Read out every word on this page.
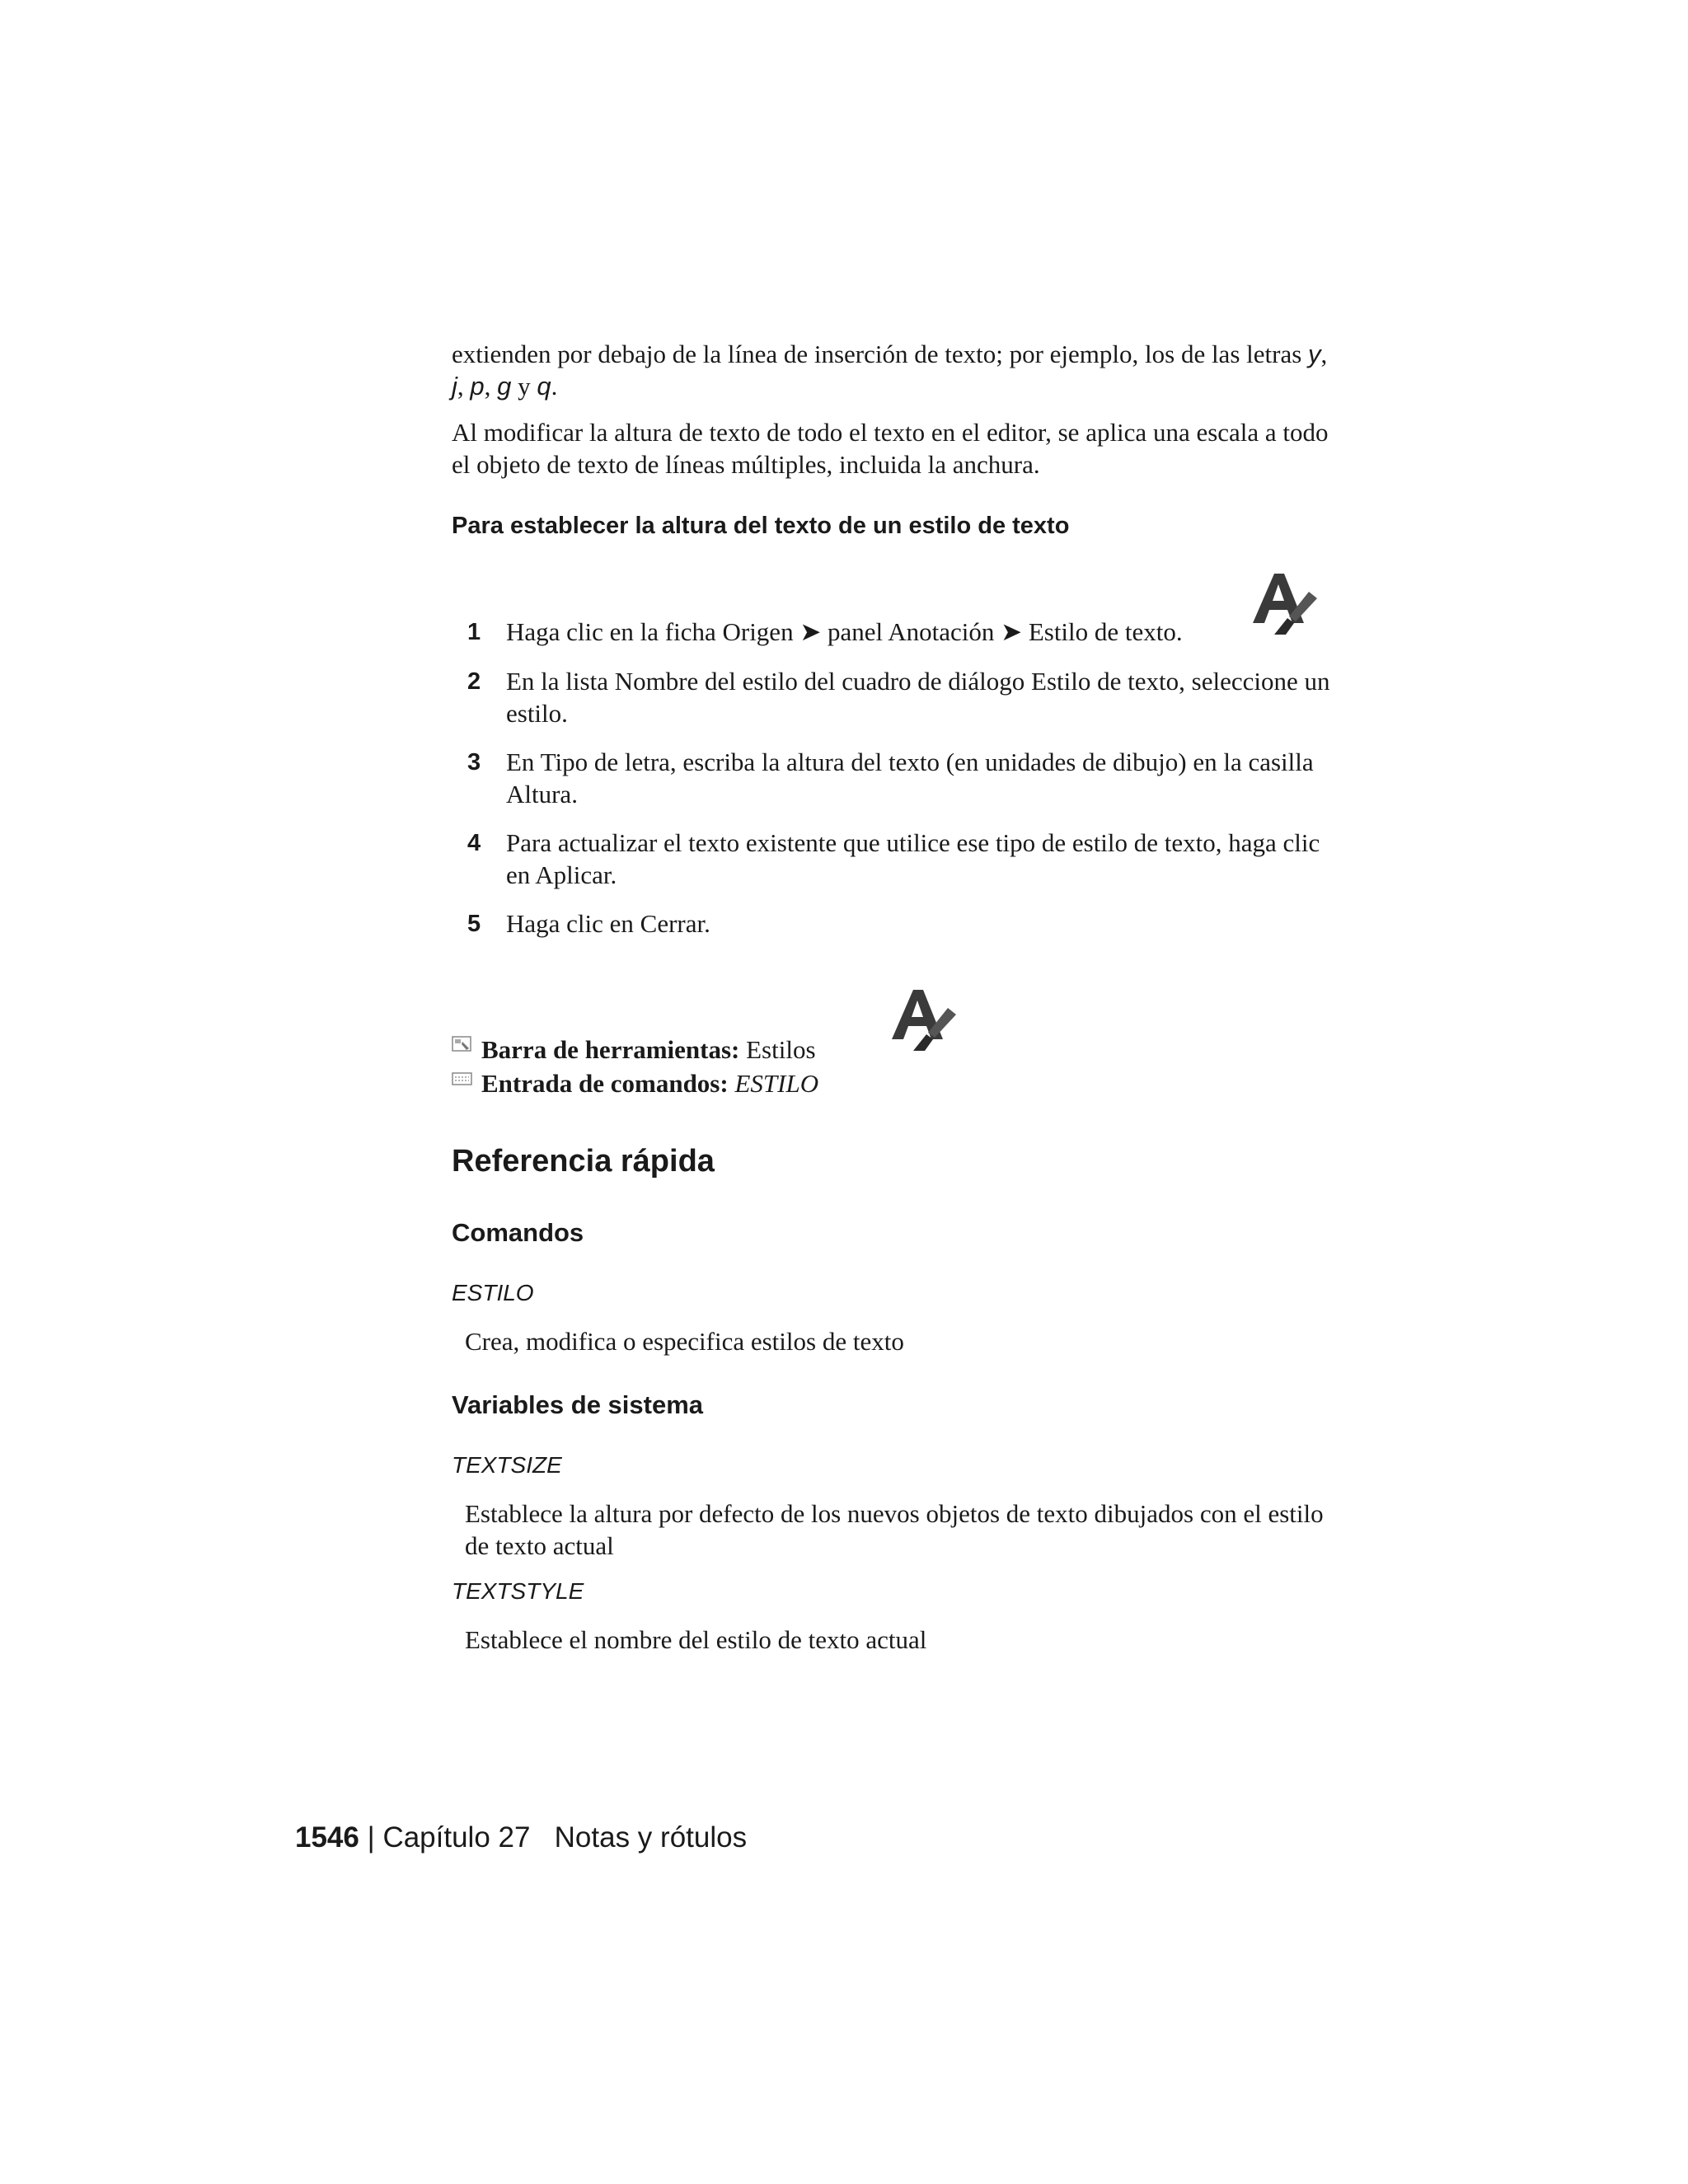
extienden por debajo de la línea de inserción de texto; por ejemplo, los de las letras y, j, p, g y q.

Al modificar la altura de texto de todo el texto en el editor, se aplica una escala a todo el objeto de texto de líneas múltiples, incluida la anchura.

Para establecer la altura del texto de un estilo de texto
1 Haga clic en la ficha Origen ➤ panel Anotación ➤ Estilo de texto.

2 En la lista Nombre del estilo del cuadro de diálogo Estilo de texto, seleccione un estilo.

3 En Tipo de letra, escriba la altura del texto (en unidades de dibujo) en la casilla Altura.

4 Para actualizar el texto existente que utilice ese tipo de estilo de texto, haga clic en Aplicar.

5 Haga clic en Cerrar.

Barra de herramientas: Estilos
Entrada de comandos: ESTILO
Referencia rápida
Comandos
ESTILO

Crea, modifica o especifica estilos de texto

Variables de sistema
TEXTSIZE

Establece la altura por defecto de los nuevos objetos de texto dibujados con el estilo de texto actual

TEXTSTYLE

Establece el nombre del estilo de texto actual

1546 | Capítulo 27 Notas y rótulos
